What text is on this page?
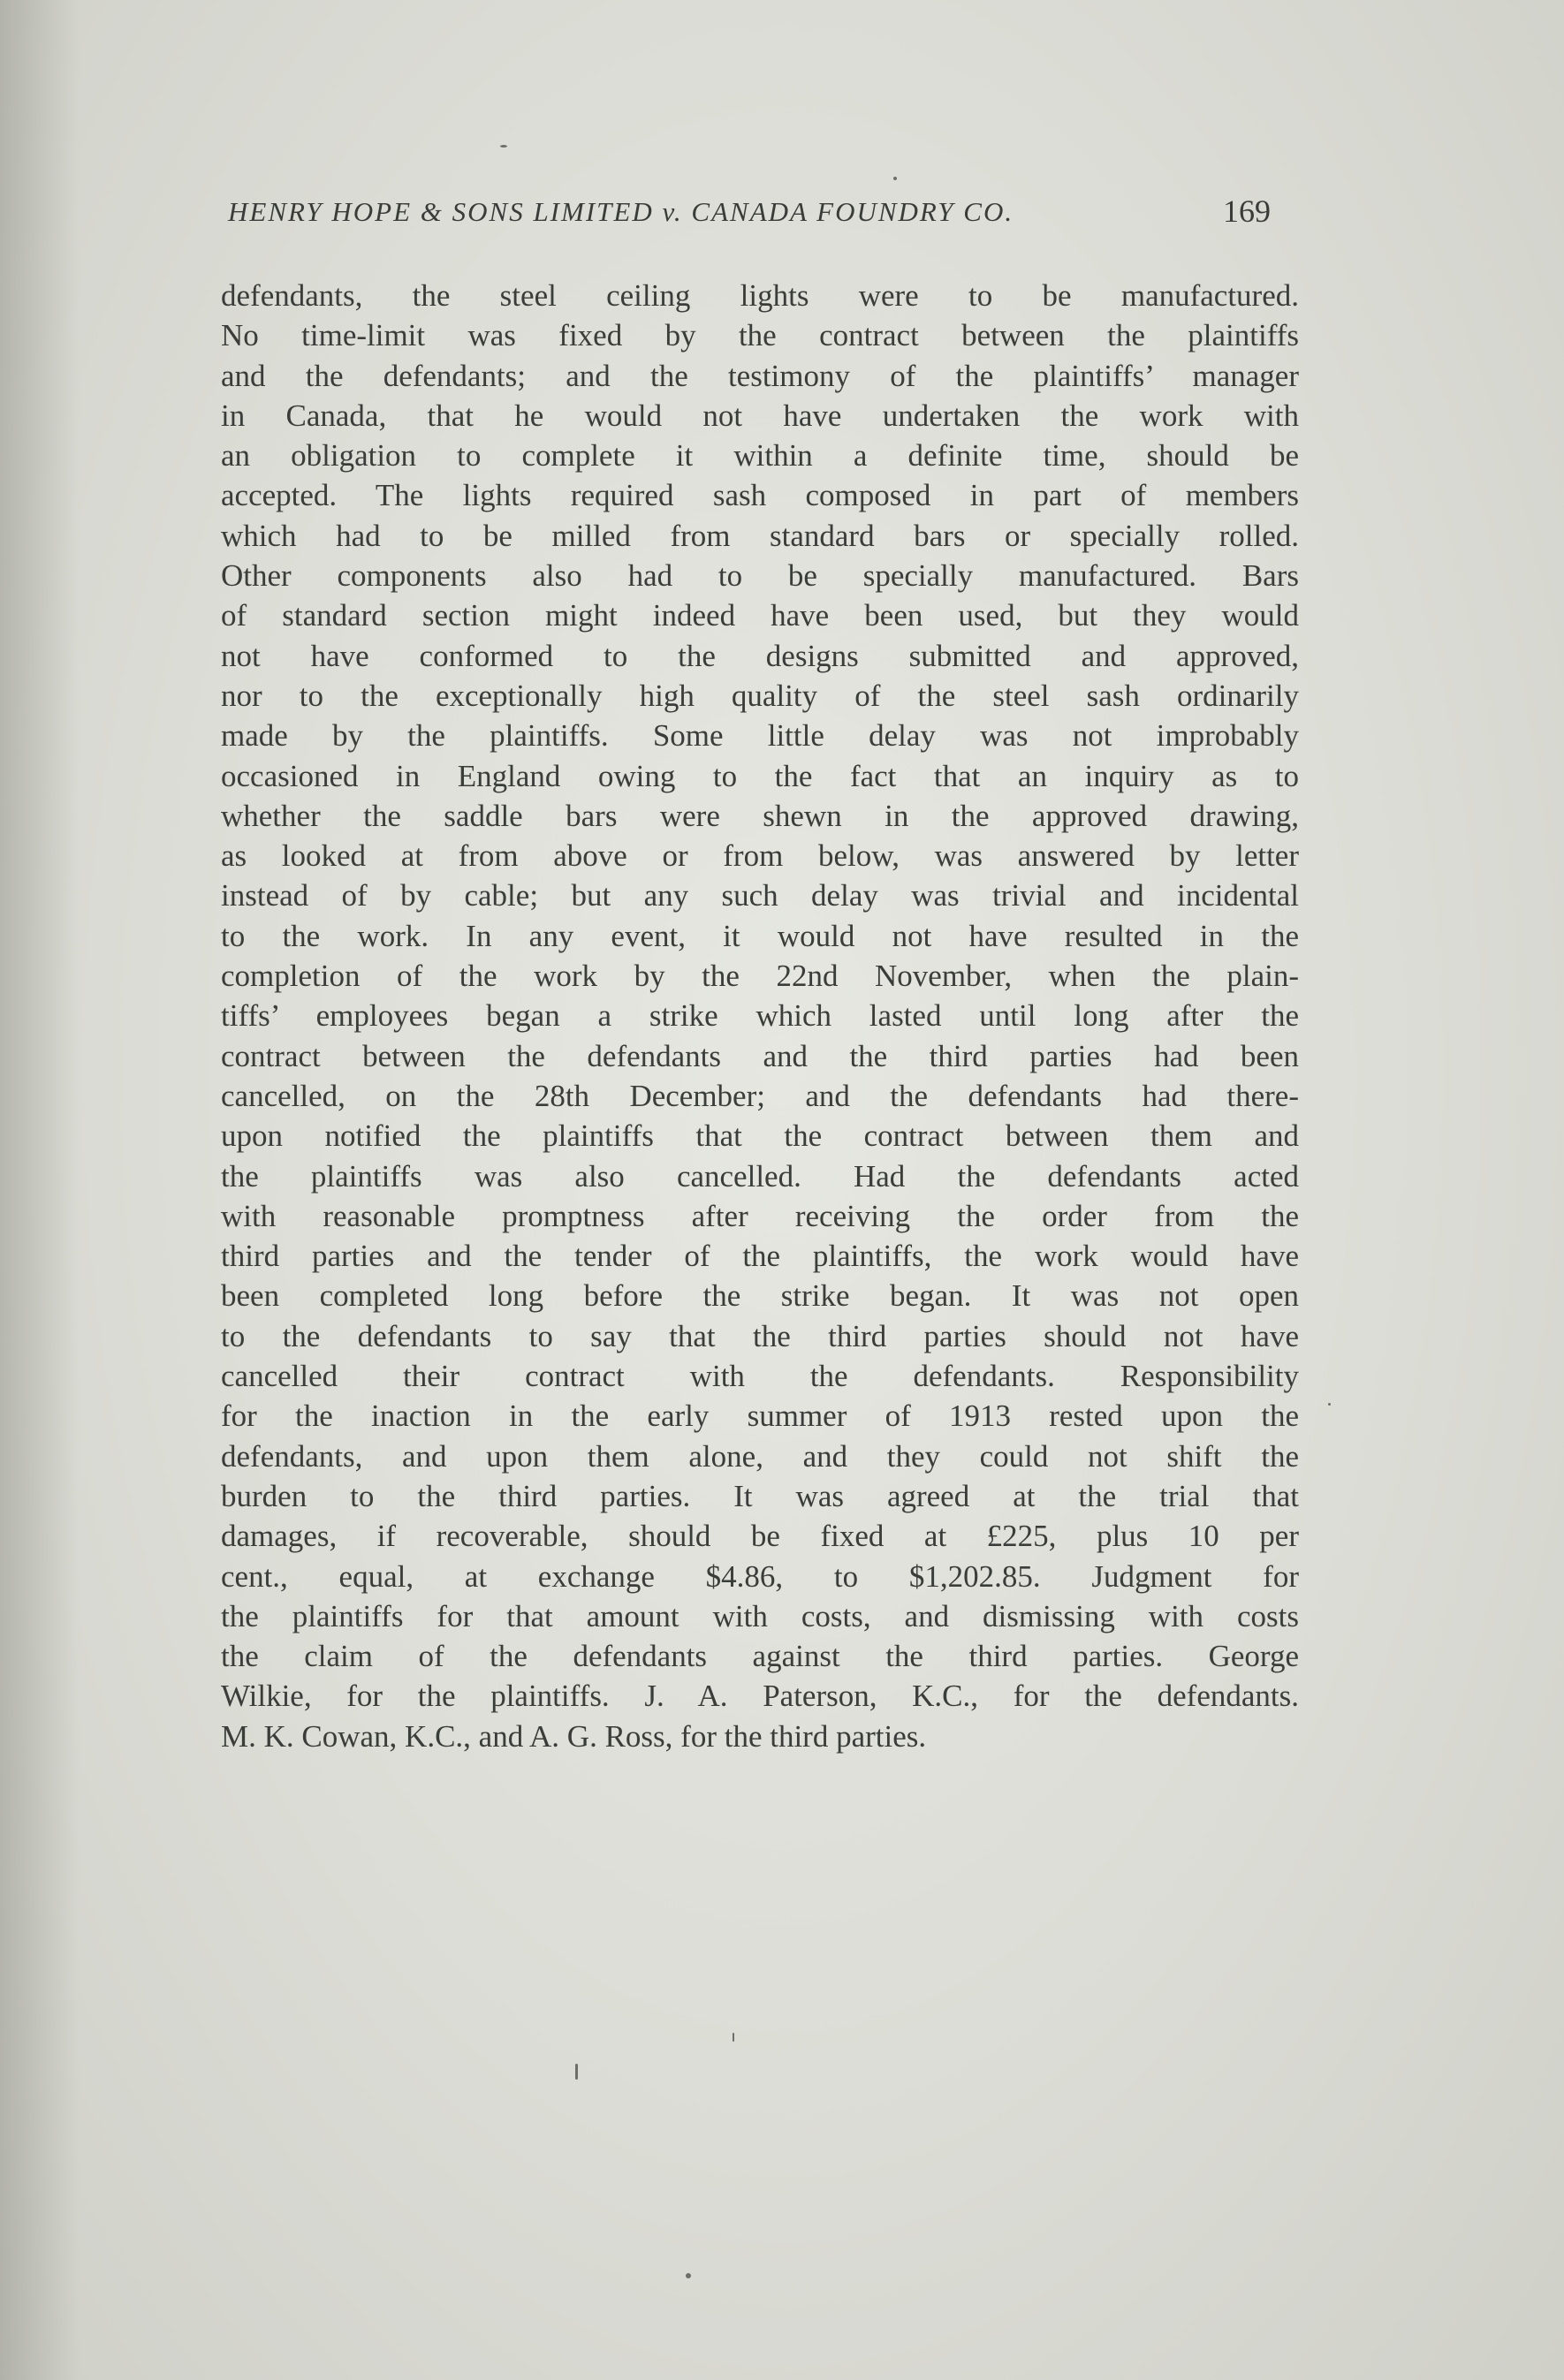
HENRY HOPE & SONS LIMITED v. CANADA FOUNDRY CO.	169
defendants, the steel ceiling lights were to be manufactured.
No time-limit was fixed by the contract between the plaintiffs
and the defendants; and the testimony of the plaintiffs’ manager
in Canada, that he would not have undertaken the work with
an obligation to complete it within a definite time, should be
accepted. The lights required sash composed in part of members
which had to be milled from standard bars or specially rolled.
Other components also had to be specially manufactured. Bars
of standard section might indeed have been used, but they would
not have conformed to the designs submitted and approved,
nor to the exceptionally high quality of the steel sash ordinarily
made by the plaintiffs. Some little delay was not improbably
occasioned in England owing to the fact that an inquiry as to
whether the saddle bars were shewn in the approved drawing,
as looked at from above or from below, was answered by letter
instead of by cable; but any such delay was trivial and incidental
to the work. In any event, it would not have resulted in the
completion of the work by the 22nd November, when the plain-
tiffs’ employees began a strike which lasted until long after the
contract between the defendants and the third parties had been
cancelled, on the 28th December; and the defendants had there-
upon notified the plaintiffs that the contract between them and
the plaintiffs was also cancelled. Had the defendants acted
with reasonable promptness after receiving the order from the
third parties and the tender of the plaintiffs, the work would have
been completed long before the strike began. It was not open
to the defendants to say that the third parties should not have
cancelled their contract with the defendants. Responsibility
for the inaction in the early summer of 1913 rested upon the
defendants, and upon them alone, and they could not shift the
burden to the third parties. It was agreed at the trial that
damages, if recoverable, should be fixed at £225, plus 10 per
cent., equal, at exchange $4.86, to $1,202.85. Judgment for
the plaintiffs for that amount with costs, and dismissing with costs
the claim of the defendants against the third parties. George
Wilkie, for the plaintiffs. J. A. Paterson, K.C., for the defendants.
M. K. Cowan, K.C., and A. G. Ross, for the third parties.
